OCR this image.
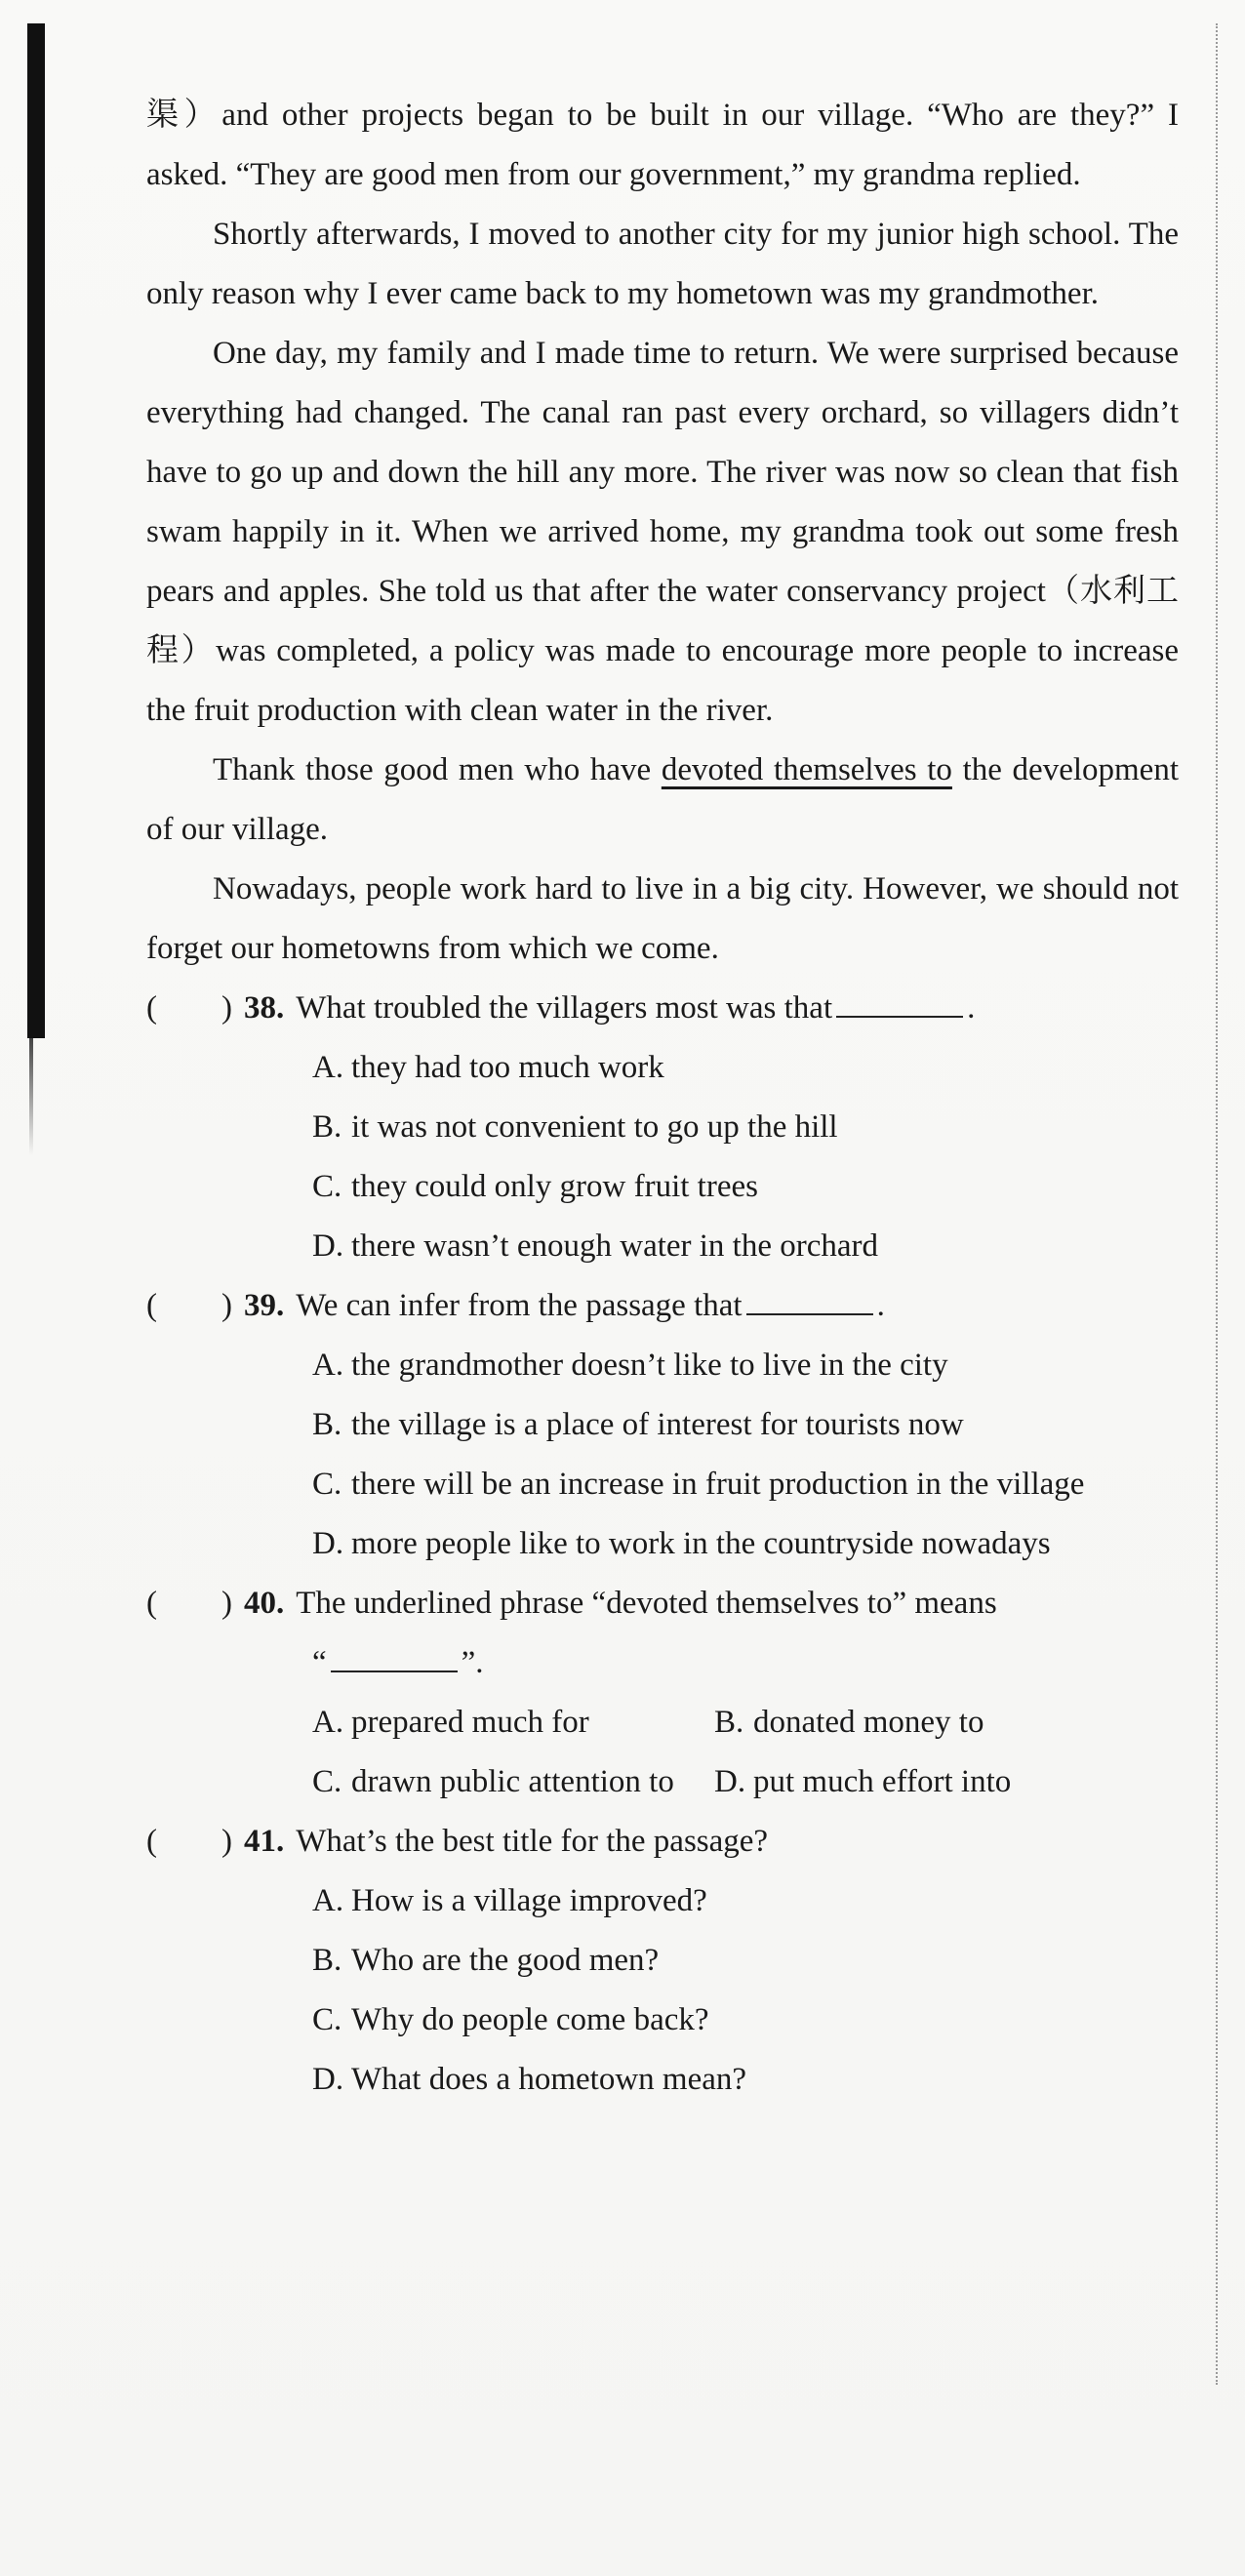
渠）and other projects began to be built in our village. “Who are they?” I asked. “They are good men from our government,” my grandma replied.

Shortly afterwards, I moved to another city for my junior high school. The only reason why I ever came back to my hometown was my grandmother.

One day, my family and I made time to return. We were surprised because everything had changed. The canal ran past every orchard, so villagers didn’t have to go up and down the hill any more. The river was now so clean that fish swam happily in it. When we arrived home, my grandma took out some fresh pears and apples. She told us that after the water conservancy project（水利工程）was completed, a policy was made to encourage more people to increase the fruit production with clean water in the river.

Thank those good men who have devoted themselves to the development of our village.

Nowadays, people work hard to live in a big city. However, we should not forget our hometowns from which we come.

(        ) 38. What troubled the villagers most was that	.

A. they had too much work

B. it was not convenient to go up the hill

C. they could only grow fruit trees

D. there wasn’t enough water in the orchard

(        ) 39. We can infer from the passage that	.

A. the grandmother doesn’t like to live in the city

B. the village is a place of interest for tourists now

C. there will be an increase in fruit production in the village

D. more people like to work in the countryside nowadays

(        ) 40. The underlined phrase “devoted themselves to” means
“	”.
A. prepared much for	B. donated money to
C. drawn public attention to D. put much effort into
(        ) 41. What’s the best title for the passage?

A. How is a village improved?

B. Who are the good men?

C. Why do people come back?

D. What does a hometown mean?
